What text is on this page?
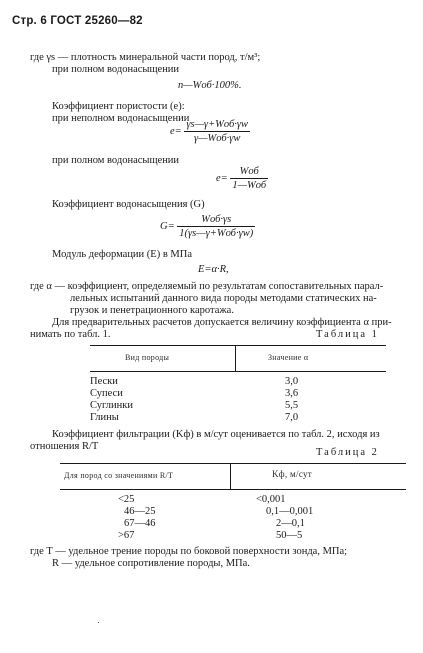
Стр. 6 ГОСТ 25260—82
где γs — плотность минеральной части пород, т/м³;
при полном водонасыщении
n—Wоб·100%.
Коэффициент пористости (e):
при неполном водонасыщении
$e= \frac{\text{γs—γ+Wоб·γw}}{\text{γ—Wоб·γw}}$
при полном водонасыщении
$e= \frac{\text{Wоб}}{\text{1—Wоб}}$
Коэффициент водонасыщения (G)
$G= \frac{\text{Wоб·γs}}{\text{1(γs—γ+Wоб·γw)}}$
Модуль деформации (E) в МПа
E=α·R,
где α — коэффициент, определяемый по результатам сопоставительных парал-
лельных испытаний данного вида породы методами статических на-
грузок и пенетрационного каротажа.
Для предварительных расчетов допускается величину коэффициента α при-
нимать по табл. 1.	Таблица 1
Вид породы	Значение α
Пески	3,0
Супеси	3,6
Суглинки	5,5
Глины	7,0
Коэффициент фильтрации (Kф) в м/сут оценивается по табл. 2, исходя из
отношения R/T
Таблица 2
Для пород со значениями R/T	Kф, м/сут
<25	<0,001
46—25	0,1—0,001
67—46	2—0,1
>67	50—5
где T — удельное трение породы по боковой поверхности зонда, МПа;
R — удельное сопротивление породы, МПа.
